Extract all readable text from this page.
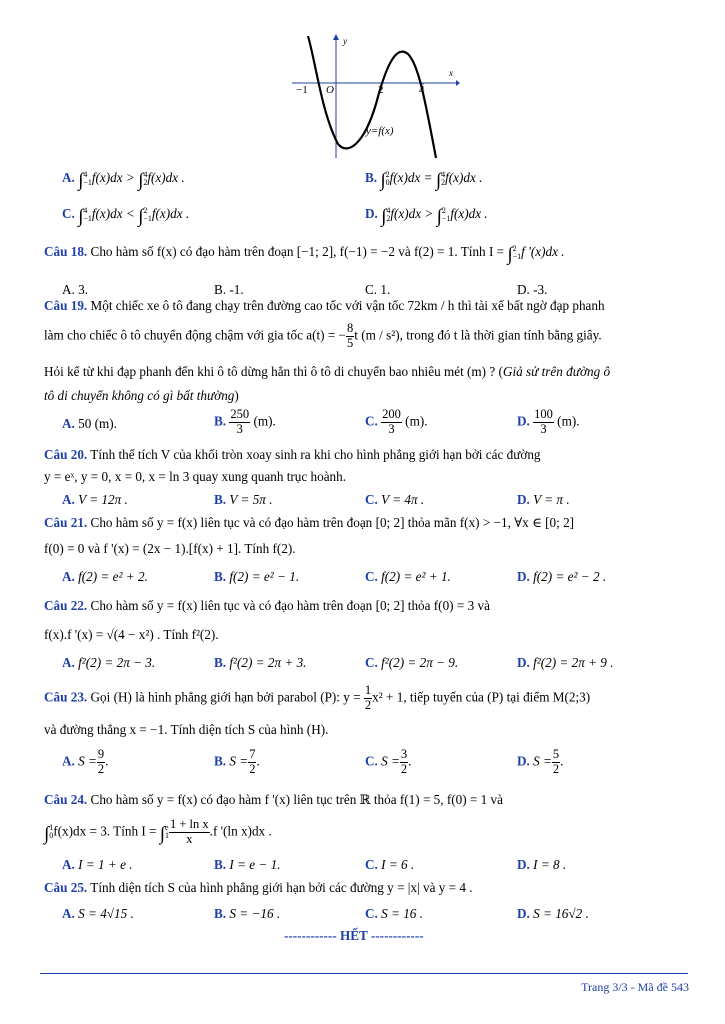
y
x
O
−1	2	4
y=f(x)
A. ∫4
−1f(x)dx > ∫4
2f(x)dx .	B. ∫2
0f(x)dx = ∫4
2f(x)dx .
C. ∫4
−1f(x)dx < ∫2
−1f(x)dx .	D. ∫4
2f(x)dx > ∫2
−1f(x)dx .
Câu 18. Cho hàm số f(x) có đạo hàm trên đoạn [−1; 2], f(−1) = −2 và f(2) = 1. Tính I = ∫2
−1f '(x)dx .
A. 3.	B. -1.	C. 1.	D. -3.
Câu 19. Một chiếc xe ô tô đang chạy trên đường cao tốc với vận tốc 72km / h thì tài xế bất ngờ đạp phanh
làm cho chiếc ô tô chuyển động chậm với gia tốc a(t) = − $\frac{8}{5}$ t (m / s²), trong đó t là thời gian tính bằng giây.
Hỏi kể từ khi đạp phanh đến khi ô tô dừng hẳn thì ô tô di chuyển bao nhiêu mét (m) ? (Giả sử trên đường ô
tô di chuyển không có gì bất thường)
A. 50 (m).	B. $\frac{250}{3} (m)$.	C. $\frac{200}{3} (m)$.	D. $\frac{100}{3} (m)$.
Câu 20. Tính thể tích V của khối tròn xoay sinh ra khi cho hình phẳng giới hạn bởi các đường
y = eˣ, y = 0, x = 0, x = ln 3 quay xung quanh trục hoành.
A. V = 12π .	B. V = 5π .	C. V = 4π .	D. V = π .
Câu 21. Cho hàm số y = f(x) liên tục và có đạo hàm trên đoạn [0; 2] thỏa mãn f(x) > −1, ∀x ∈ [0; 2]
f(0) = 0 và f '(x) = (2x − 1).[f(x) + 1]. Tính f(2).
A. f(2) = e² + 2.	B. f(2) = e² − 1.	C. f(2) = e² + 1.	D. f(2) = e² − 2 .
Câu 22. Cho hàm số y = f(x) liên tục và có đạo hàm trên đoạn [0; 2] thỏa f(0) = 3 và
f(x).f '(x) = √(4 − x²) . Tính f²(2).
A. f²(2) = 2π − 3.	B. f²(2) = 2π + 3.	C. f²(2) = 2π − 9.	D. f²(2) = 2π + 9 .
Câu 23. Gọi (H) là hình phẳng giới hạn bởi parabol (P): $y = \frac{1}{2} x^2 + 1$, tiếp tuyến của (P) tại điểm M(2;3)
và đường thẳng x = −1. Tính diện tích S của hình (H).
A. $S = \frac{9}{2}$ .	B. $S = \frac{7}{2}$ .	C. $S = \frac{3}{2}$ .	D. $S = \frac{5}{2}$ .
Câu 24. Cho hàm số y = f(x) có đạo hàm f '(x) liên tục trên ℝ thỏa f(1) = 5, f(0) = 1 và
∫1
0f(x)dx = 3. Tính I = ∫e
$1 \frac{\text{1 + ln x}}{x} .f$ '(ln x)dx .
A. I = 1 + e .	B. I = e − 1.	C. I = 6 .	D. I = 8 .
Câu 25. Tính diện tích S của hình phẳng giới hạn bởi các đường y = |x| và y = 4 .
A. S = 4√15 .	B. S = −16 .	C. S = 16 .	D. S = 16√2 .
------------ HẾT ------------
Trang 3/3 - Mã đề 543
